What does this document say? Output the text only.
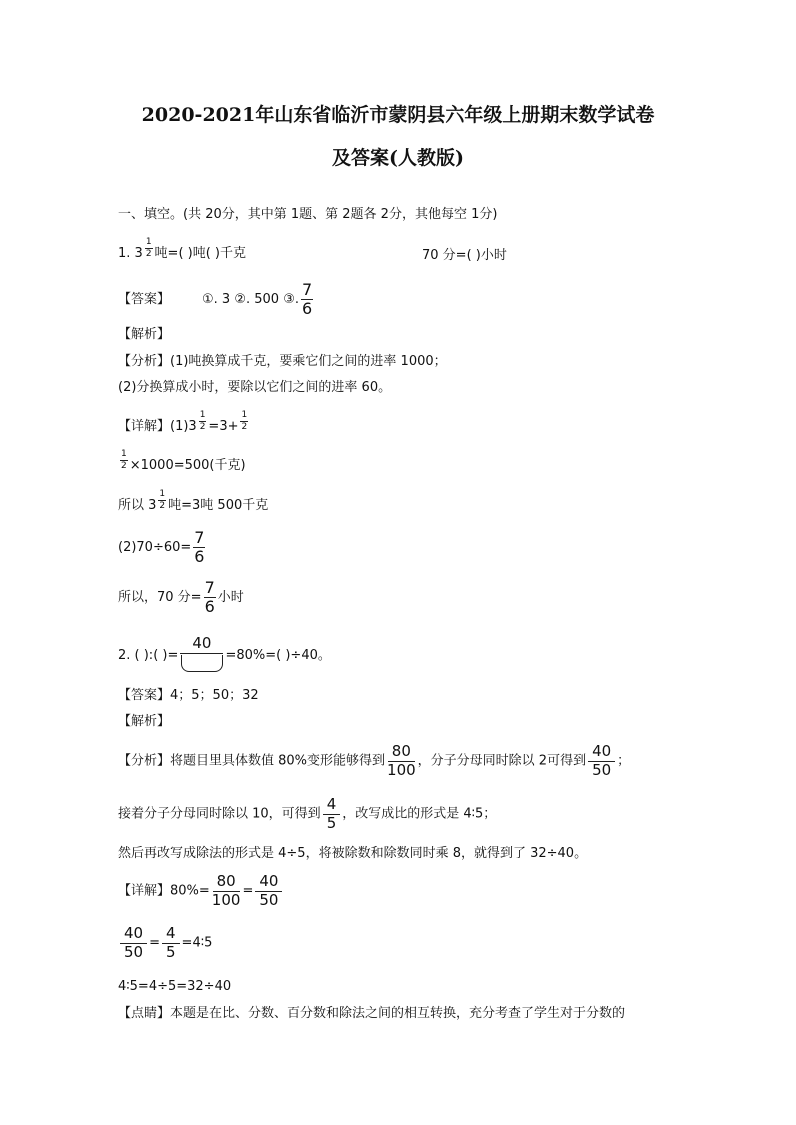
2020-2021年山东省临沂市蒙阴县六年级上册期末数学试卷
及答案(人教版)
一、填空。(共 20分，其中第 1题、第 2题各 2分，其他每空 1分)
1. $3 \frac{1}{2}$ 吨=( )吨( )千克	70 分=( )小时
【答案】 ①. 3 ②. 500 ③. $\frac{7}{6}$
【解析】
【分析】(1)吨换算成千克，要乘它们之间的进率 1000；
(2)分换算成小时，要除以它们之间的进率 60。
【详解】$(1)3 \frac{1}{2} =3+ \frac{1}{2}$
$\frac{1}{2} \times 1000=500$(千克)
所以 $3 \frac{1}{2}$ 吨=3吨 500千克
$(2)70\div 60= \frac{7}{6}$
所以，70 分= $\frac{7}{6}$ 小时
2. ( ):( )=
40
=80%=( )÷40。
【答案】4；5；50；32
【解析】
【分析】将题目里具体数值 80%变形能够得到 $\frac{80}{100}$ ，分子分母同时除以 2可得到 $\frac{40}{50}$ ；
接着分子分母同时除以 10，可得到 $\frac{4}{5}$ ，改写成比的形式是 4∶5；
然后再改写成除法的形式是 4÷5，将被除数和除数同时乘 8，就得到了 32÷40。
【详解】$80\%= \frac{80}{100} = \frac{40}{50}$
$\frac{40}{50} = \frac{4}{5}$ =4∶5
4∶5=4÷5=32÷40
【点睛】本题是在比、分数、百分数和除法之间的相互转换，充分考查了学生对于分数的
